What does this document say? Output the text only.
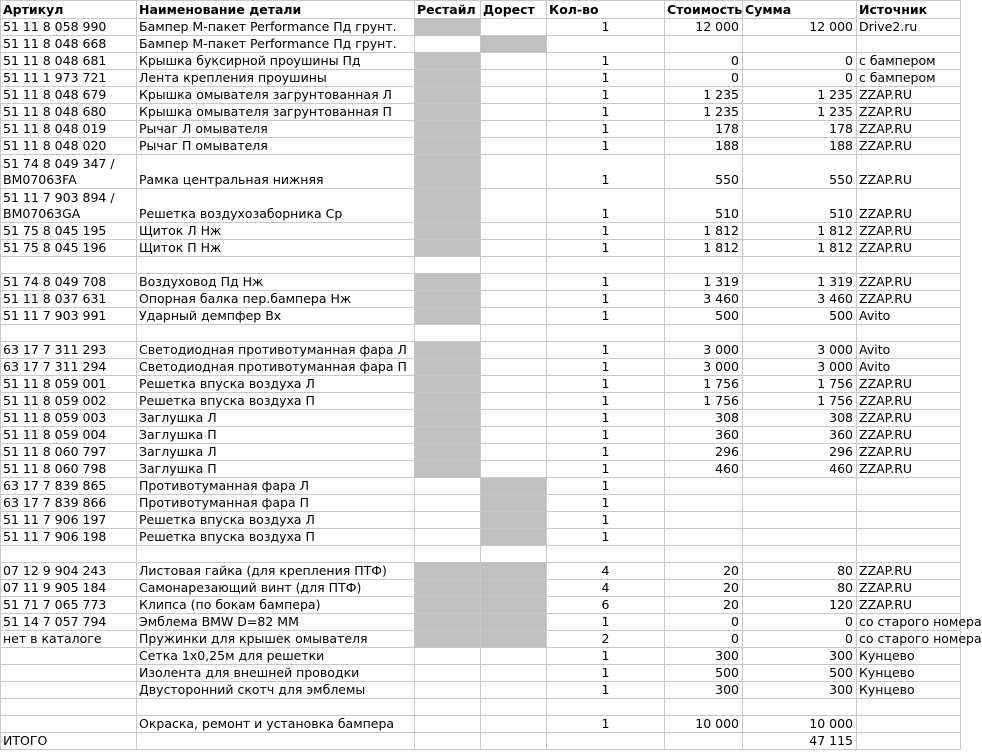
Артикул	Наименование детали	Рестайл	Дорест	Кол-во	Стоимость	Сумма	Источник
51 11 8 058 990	Бампер М-пакет Performance Пд грунт.			1	12 000	12 000	Drive2.ru
51 11 8 048 668	Бампер М-пакет Performance Пд грунт.						
51 11 8 048 681	Крышка буксирной проушины Пд			1	0	0	с бампером
51 11 1 973 721	Лента крепления проушины			1	0	0	с бампером
51 11 8 048 679	Крышка омывателя загрунтованная Л			1	1 235	1 235	ZZAP.RU
51 11 8 048 680	Крышка омывателя загрунтованная П			1	1 235	1 235	ZZAP.RU
51 11 8 048 019	Рычаг Л омывателя			1	178	178	ZZAP.RU
51 11 8 048 020	Рычаг П омывателя			1	188	188	ZZAP.RU
51 74 8 049 347 / BM07063FA	Рамка центральная нижняя			1	550	550	ZZAP.RU
51 11 7 903 894 / BM07063GA	Решетка воздухозаборника Ср			1	510	510	ZZAP.RU
51 75 8 045 195	Щиток Л Нж			1	1 812	1 812	ZZAP.RU
51 75 8 045 196	Щиток П Нж			1	1 812	1 812	ZZAP.RU

51 74 8 049 708	Воздуховод Пд Нж			1	1 319	1 319	ZZAP.RU
51 11 8 037 631	Опорная балка пер.бампера Нж			1	3 460	3 460	ZZAP.RU
51 11 7 903 991	Ударный демпфер Вх			1	500	500	Avito

63 17 7 311 293	Светодиодная противотуманная фара Л			1	3 000	3 000	Avito
63 17 7 311 294	Светодиодная противотуманная фара П			1	3 000	3 000	Avito
51 11 8 059 001	Решетка впуска воздуха Л			1	1 756	1 756	ZZAP.RU
51 11 8 059 002	Решетка впуска воздуха П			1	1 756	1 756	ZZAP.RU
51 11 8 059 003	Заглушка Л			1	308	308	ZZAP.RU
51 11 8 059 004	Заглушка П			1	360	360	ZZAP.RU
51 11 8 060 797	Заглушка Л			1	296	296	ZZAP.RU
51 11 8 060 798	Заглушка П			1	460	460	ZZAP.RU
63 17 7 839 865	Противотуманная фара Л			1			
63 17 7 839 866	Противотуманная фара П			1			
51 11 7 906 197	Решетка впуска воздуха Л			1			
51 11 7 906 198	Решетка впуска воздуха П			1			

07 12 9 904 243	Листовая гайка (для крепления ПТФ)			4	20	80	ZZAP.RU
07 11 9 905 184	Самонарезающий винт (для ПТФ)			4	20	80	ZZAP.RU
51 71 7 065 773	Клипса (по бокам бампера)			6	20	120	ZZAP.RU
51 14 7 057 794	Эмблема BMW D=82 MM			1	0	0	со старого номера
нет в каталоге	Пружинки для крышек омывателя			2	0	0	со старого номера
	Сетка 1х0,25м для решетки			1	300	300	Кунцево
	Изолента для внешней проводки			1	500	500	Кунцево
	Двусторонний скотч для эмблемы			1	300	300	Кунцево

	Окраска, ремонт и установка бампера			1	10 000	10 000	
ИТОГО						47 115	
